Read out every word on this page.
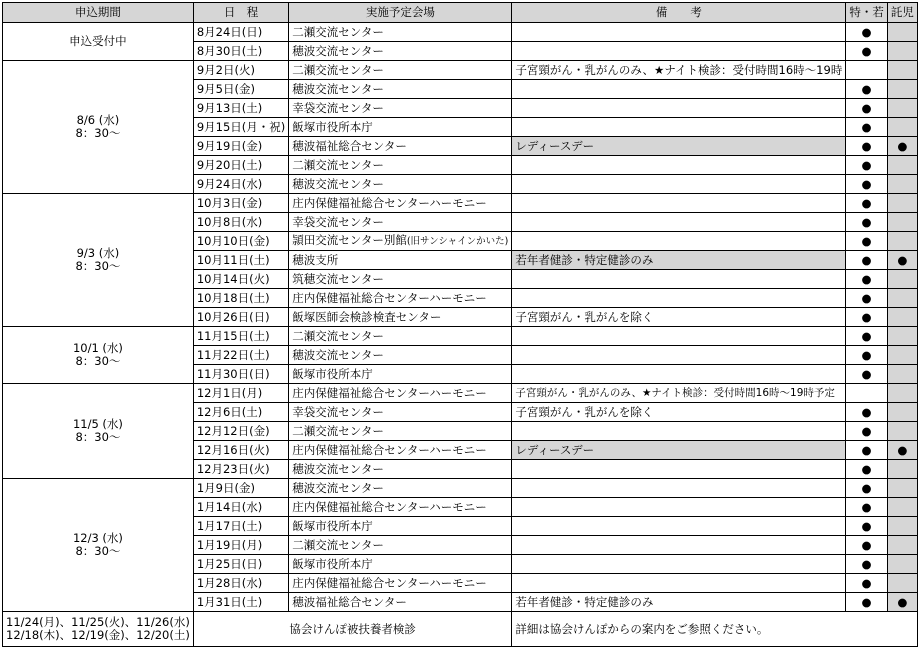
申込期間	日　程	実施予定会場	備　　考	特・若	託児

申込受付中	8月24日(日)	二瀬交流センター		●	
	8月30日(土)	穂波交流センター		●	

8/6 (水)
8：30～	9月2日(火)	二瀬交流センター	子宮頸がん・乳がんのみ、★ナイト検診：受付時間16時～19時		
	9月5日(金)	穂波交流センター		●	
	9月13日(土)	幸袋交流センター		●	
	9月15日(月・祝)	飯塚市役所本庁		●	
	9月19日(金)	穂波福祉総合センター	レディースデー	●	●
	9月20日(土)	二瀬交流センター		●	
	9月24日(水)	穂波交流センター		●	

9/3 (水)
8：30～	10月3日(金)	庄内保健福祉総合センターハーモニー		●	
	10月8日(水)	幸袋交流センター		●	
	10月10日(金)	頴田交流センター別館(旧サンシャインかいた)		●	
	10月11日(土)	穂波支所	若年者健診・特定健診のみ	●	●
	10月14日(火)	筑穂交流センター		●	
	10月18日(土)	庄内保健福祉総合センターハーモニー		●	
	10月26日(日)	飯塚医師会検診検査センター	子宮頸がん・乳がんを除く	●	

10/1 (水)
8：30～	11月15日(土)	二瀬交流センター		●	
	11月22日(土)	穂波交流センター		●	
	11月30日(日)	飯塚市役所本庁		●	

11/5 (水)
8：30～	12月1日(月)	庄内保健福祉総合センターハーモニー	子宮頸がん・乳がんのみ、★ナイト検診：受付時間16時～19時予定		
	12月6日(土)	幸袋交流センター	子宮頸がん・乳がんを除く	●	
	12月12日(金)	二瀬交流センター		●	
	12月16日(火)	庄内保健福祉総合センターハーモニー	レディースデー	●	●
	12月23日(火)	穂波交流センター		●	

12/3 (水)
8：30～	1月9日(金)	穂波交流センター		●	
	1月14日(水)	庄内保健福祉総合センターハーモニー		●	
	1月17日(土)	飯塚市役所本庁		●	
	1月19日(月)	二瀬交流センター		●	
	1月25日(日)	飯塚市役所本庁		●	
	1月28日(水)	庄内保健福祉総合センターハーモニー		●	
	1月31日(土)	穂波福祉総合センター	若年者健診・特定健診のみ	●	●

11/24(月)、11/25(火)、11/26(水)
12/18(木)、12/19(金)、12/20(土)	協会けんぽ被扶養者検診		詳細は協会けんぽからの案内をご参照ください。		
